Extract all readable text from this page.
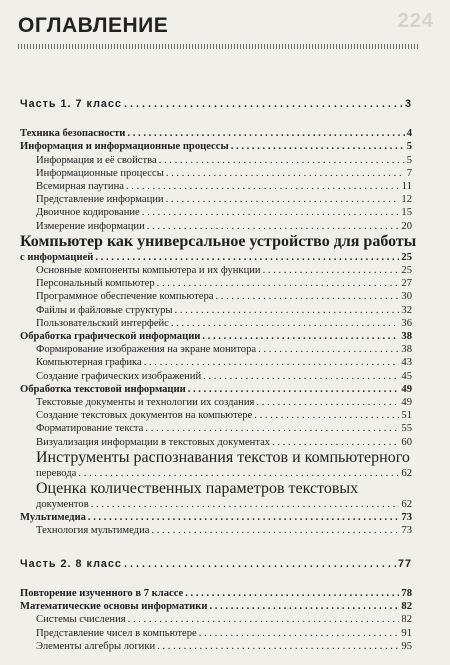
224
ОГЛАВЛЕНИЕ
Часть 1. 7 класс . . .	3
Техника безопасности . . .	4
Информация и информационные процессы . . .	5
Информация и её свойства . . .	5
Информационные процессы . . .	7
Всемирная паутина . . .	11
Представление информации . . .	12
Двоичное кодирование . . .	15
Измерение информации . . .	20
Компьютер как универсальное устройство для работы
с информацией . . .	25
Основные компоненты компьютера и их функции . . .	25
Персональный компьютер . . .	27
Программное обеспечение компьютера . . .	30
Файлы и файловые структуры . . .	32
Пользовательский интерфейс . . .	36
Обработка графической информации . . .	38
Формирование изображения на экране монитора . . .	38
Компьютерная графика . . .	43
Создание графических изображений . . .	45
Обработка текстовой информации . . .	49
Текстовые документы и технологии их создания . . .	49
Создание текстовых документов на компьютере . . .	51
Форматирование текста . . .	55
Визуализация информации в текстовых документах . . .	60
Инструменты распознавания текстов и компьютерного
перевода . . .	62
Оценка количественных параметров текстовых
документов . . .	62
Мультимедиа . . .	73
Технология мультимедиа . . .	73
Часть 2. 8 класс . . .	77
Повторение изученного в 7 классе . . .	78
Математические основы информатики . . .	82
Системы счисления . . .	82
Представление чисел в компьютере . . .	91
Элементы алгебры логики . . .	95
